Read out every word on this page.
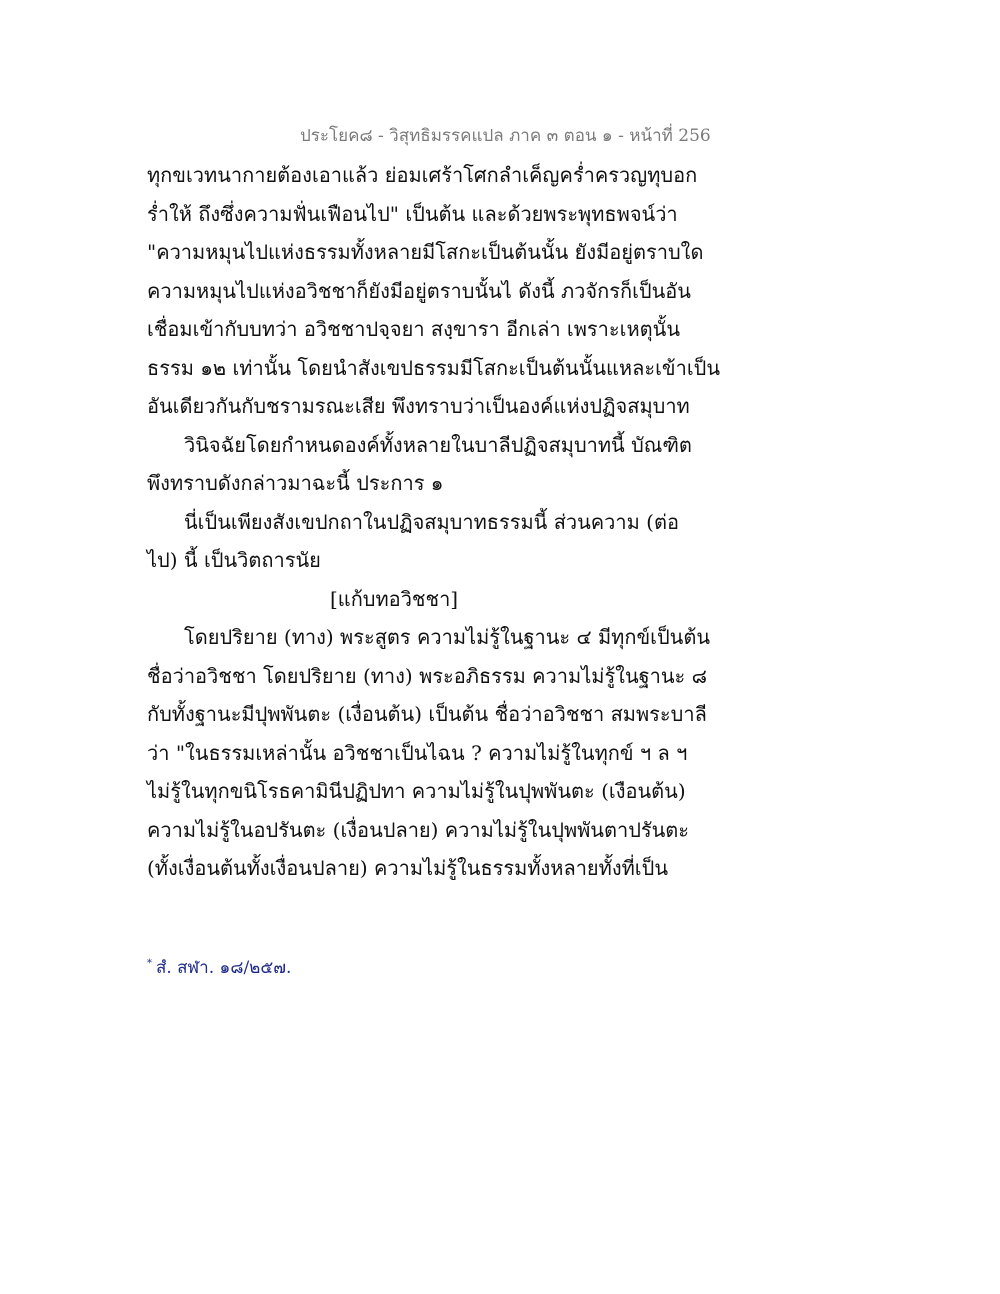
ประโยค๘ - วิสุทธิมรรคแปล ภาค ๓ ตอน ๑ - หน้าที่ 256
ทุกขเวทนากายต้องเอาแล้ว ย่อมเศร้าโศกลำเค็ญคร่ำครวญทุบอก
ร่ำให้ ถึงซึ่งความฟั่นเฟือนไป" เป็นต้น และด้วยพระพุทธพจน์ว่า
"ความหมุนไปแห่งธรรมทั้งหลายมีโสกะเป็นต้นนั้น ยังมีอยู่ตราบใด
ความหมุนไปแห่งอวิชชาก็ยังมีอยู่ตราบนั้นไ ดังนี้ ภวจักรก็เป็นอัน
เชื่อมเข้ากับบทว่า อวิชชาปจฺจยา สงฺขารา อีกเล่า เพราะเหตุนั้น
ธรรม ๑๒ เท่านั้น โดยนำสังเขปธรรมมีโสกะเป็นต้นนั้นแหละเข้าเป็น
อันเดียวกันกับชรามรณะเสีย พึงทราบว่าเป็นองค์แห่งปฏิจสมุบาท
วินิจฉัยโดยกำหนดองค์ทั้งหลายในบาลีปฏิจสมุบาทนี้ บัณฑิต
พึงทราบดังกล่าวมาฉะนี้ ประการ ๑
นี่เป็นเพียงสังเขปกถาในปฏิจสมุบาทธรรมนี้ ส่วนความ (ต่อ
ไป) นี้ เป็นวิตถารนัย
[แก้บทอวิชชา]
โดยปริยาย (ทาง) พระสูตร ความไม่รู้ในฐานะ ๔ มีทุกข์เป็นต้น
ชื่อว่าอวิชชา โดยปริยาย (ทาง) พระอภิธรรม ความไม่รู้ในฐานะ ๘
กับทั้งฐานะมีปุพพันตะ (เงื่อนต้น) เป็นต้น ชื่อว่าอวิชชา สมพระบาลี
ว่า "ในธรรมเหล่านั้น อวิชชาเป็นไฉน ? ความไม่รู้ในทุกข์ ฯ ล ฯ
ไม่รู้ในทุกขนิโรธคามินีปฏิปทา ความไม่รู้ในปุพพันตะ (เงือนต้น)
ความไม่รู้ในอปรันตะ (เงื่อนปลาย) ความไม่รู้ในปุพพันตาปรันตะ
(ทั้งเงื่อนต้นทั้งเงื่อนปลาย) ความไม่รู้ในธรรมทั้งหลายทั้งที่เป็น
* สํ. สฬา. ๑๘/๒๕๗.
